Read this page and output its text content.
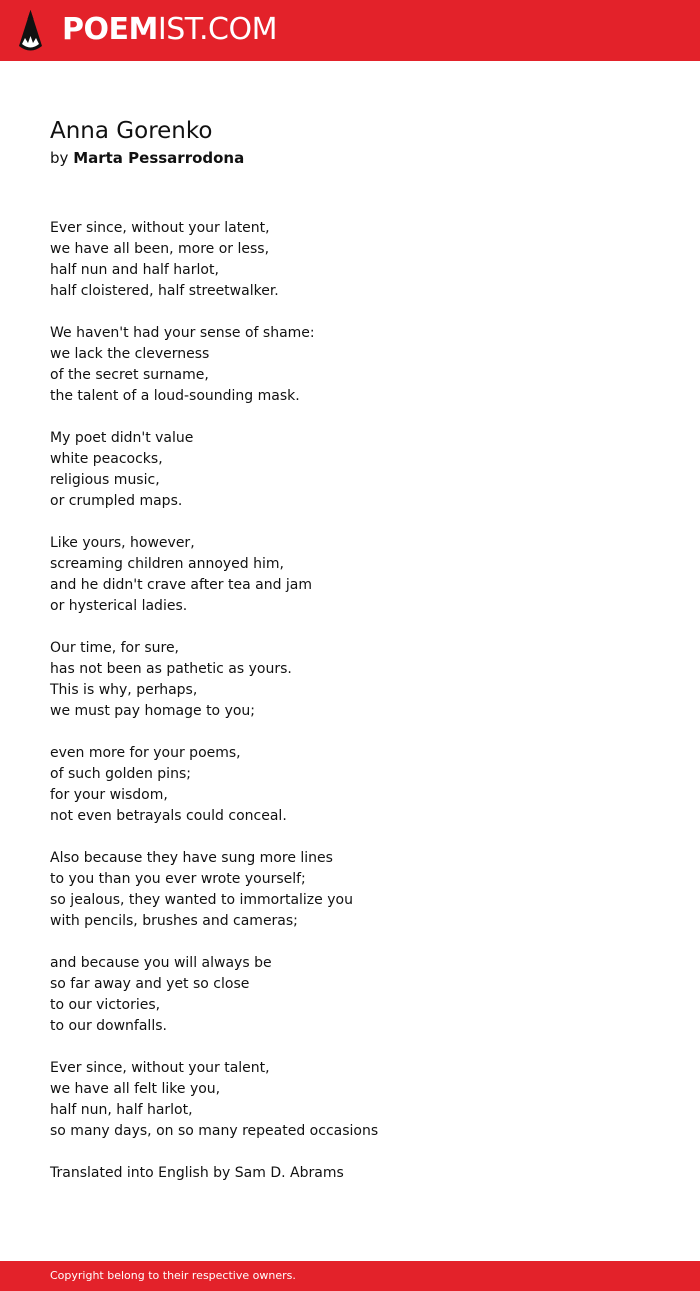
POEMIST.COM
Anna Gorenko

by Marta Pessarrodona

Ever since, without your latent,
we have all been, more or less,
half nun and half harlot,
half cloistered, half streetwalker.
We haven't had your sense of shame:
we lack the cleverness
of the secret surname,
the talent of a loud-sounding mask.
My poet didn't value
white peacocks,
religious music,
or crumpled maps.
Like yours, however,
screaming children annoyed him,
and he didn't crave after tea and jam
or hysterical ladies.
Our time, for sure,
has not been as pathetic as yours.
This is why, perhaps,
we must pay homage to you;
even more for your poems,
of such golden pins;
for your wisdom,
not even betrayals could conceal.
Also because they have sung more lines
to you than you ever wrote yourself;
so jealous, they wanted to immortalize you
with pencils, brushes and cameras;
and because you will always be
so far away and yet so close
to our victories,
to our downfalls.
Ever since, without your talent,
we have all felt like you,
half nun, half harlot,
so many days, on so many repeated occasions

Translated into English by Sam D. Abrams

Copyright belong to their respective owners.
